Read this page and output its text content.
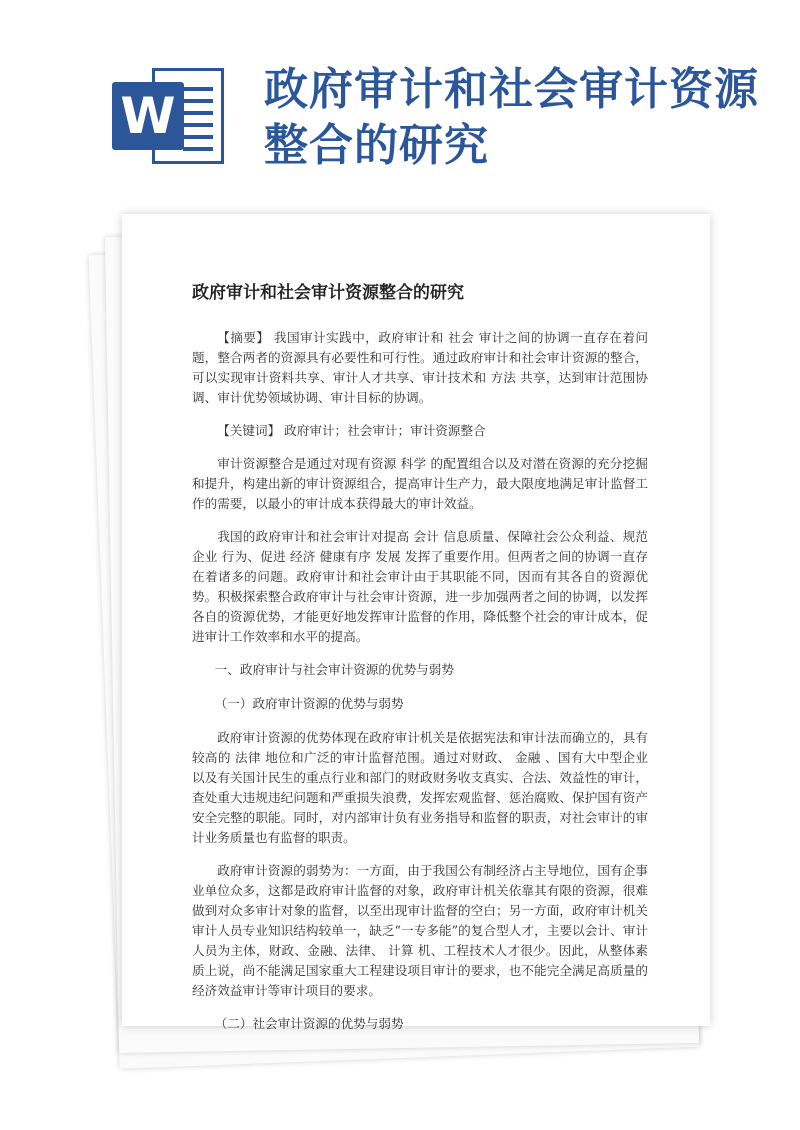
W 政府审计和社会审计资源整合的研究
政府审计和社会审计资源整合的研究

【摘要】 我国审计实践中，政府审计和 社会 审计之间的协调一直存在着问题，整合两者的资源具有必要性和可行性。通过政府审计和社会审计资源的整合，可以实现审计资料共享、审计人才共享、审计技术和 方法 共享，达到审计范围协调、审计优势领域协调、审计目标的协调。

【关键词】 政府审计；社会审计；审计资源整合

审计资源整合是通过对现有资源 科学 的配置组合以及对潜在资源的充分挖掘和提升，构建出新的审计资源组合，提高审计生产力，最大限度地满足审计监督工作的需要，以最小的审计成本获得最大的审计效益。

我国的政府审计和社会审计对提高 会计 信息质量、保障社会公众利益、规范 企业 行为、促进 经济 健康有序 发展 发挥了重要作用。但两者之间的协调一直存在着诸多的问题。政府审计和社会审计由于其职能不同，因而有其各自的资源优势。积极探索整合政府审计与社会审计资源，进一步加强两者之间的协调，以发挥各自的资源优势，才能更好地发挥审计监督的作用，降低整个社会的审计成本，促进审计工作效率和水平的提高。

一、政府审计与社会审计资源的优势与弱势

（一）政府审计资源的优势与弱势

政府审计资源的优势体现在政府审计机关是依据宪法和审计法而确立的，具有较高的 法律 地位和广泛的审计监督范围。通过对财政、 金融 、国有大中型企业以及有关国计民生的重点行业和部门的财政财务收支真实、合法、效益性的审计，查处重大违规违纪问题和严重损失浪费，发挥宏观监督、惩治腐败、保护国有资产安全完整的职能。同时，对内部审计负有业务指导和监督的职责，对社会审计的审计业务质量也有监督的职责。

政府审计资源的弱势为：一方面，由于我国公有制经济占主导地位，国有企事业单位众多，这都是政府审计监督的对象，政府审计机关依靠其有限的资源，很难做到对众多审计对象的监督，以至出现审计监督的空白；另一方面，政府审计机关审计人员专业知识结构较单一，缺乏“一专多能”的复合型人才，主要以会计、审计人员为主体，财政、金融、法律、 计算 机、工程技术人才很少。因此，从整体素质上说，尚不能满足国家重大工程建设项目审计的要求，也不能完全满足高质量的经济效益审计等审计项目的要求。

（二）社会审计资源的优势与弱势
